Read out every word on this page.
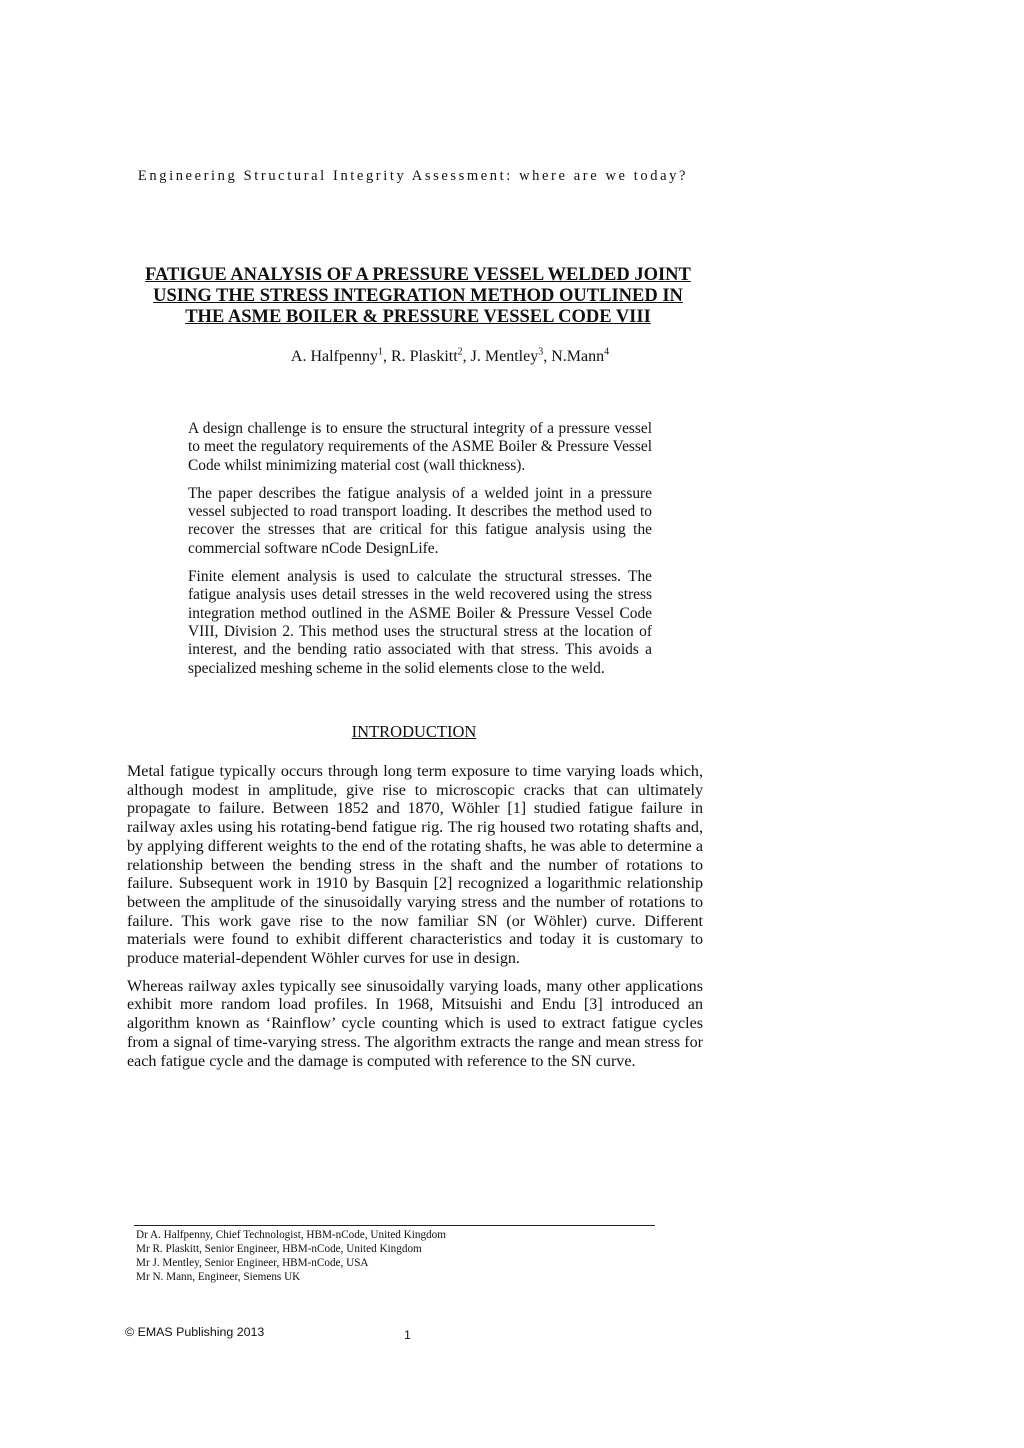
Engineering Structural Integrity Assessment: where are we today?
FATIGUE ANALYSIS OF A PRESSURE VESSEL WELDED JOINT
USING THE STRESS INTEGRATION METHOD OUTLINED IN
THE ASME BOILER & PRESSURE VESSEL CODE VIII
A. Halfpenny$^1$, R. Plaskitt$^2$, J. Mentley$^3$, N.Mann$^4$

A design challenge is to ensure the structural integrity of a pressure vessel to meet the regulatory requirements of the ASME Boiler & Pressure Vessel Code whilst minimizing material cost (wall thickness).

The paper describes the fatigue analysis of a welded joint in a pressure vessel subjected to road transport loading. It describes the method used to recover the stresses that are critical for this fatigue analysis using the commercial software nCode DesignLife.

Finite element analysis is used to calculate the structural stresses. The fatigue analysis uses detail stresses in the weld recovered using the stress integration method outlined in the ASME Boiler & Pressure Vessel Code VIII, Division 2. This method uses the structural stress at the location of interest, and the bending ratio associated with that stress. This avoids a specialized meshing scheme in the solid elements close to the weld.

INTRODUCTION

Metal fatigue typically occurs through long term exposure to time varying loads which, although modest in amplitude, give rise to microscopic cracks that can ultimately propagate to failure. Between 1852 and 1870, Wöhler [1] studied fatigue failure in railway axles using his rotating-bend fatigue rig. The rig housed two rotating shafts and, by applying different weights to the end of the rotating shafts, he was able to determine a relationship between the bending stress in the shaft and the number of rotations to failure. Subsequent work in 1910 by Basquin [2] recognized a logarithmic relationship between the amplitude of the sinusoidally varying stress and the number of rotations to failure. This work gave rise to the now familiar SN (or Wöhler) curve. Different materials were found to exhibit different characteristics and today it is customary to produce material-dependent Wöhler curves for use in design.

Whereas railway axles typically see sinusoidally varying loads, many other applications exhibit more random load profiles. In 1968, Mitsuishi and Endu [3] introduced an algorithm known as ‘Rainflow’ cycle counting which is used to extract fatigue cycles from a signal of time-varying stress. The algorithm extracts the range and mean stress for each fatigue cycle and the damage is computed with reference to the SN curve.

Dr A. Halfpenny, Chief Technologist, HBM-nCode, United Kingdom
Mr R. Plaskitt, Senior Engineer, HBM-nCode, United Kingdom
Mr J. Mentley, Senior Engineer, HBM-nCode, USA
Mr N. Mann, Engineer, Siemens UK
© EMAS Publishing 2013	1
